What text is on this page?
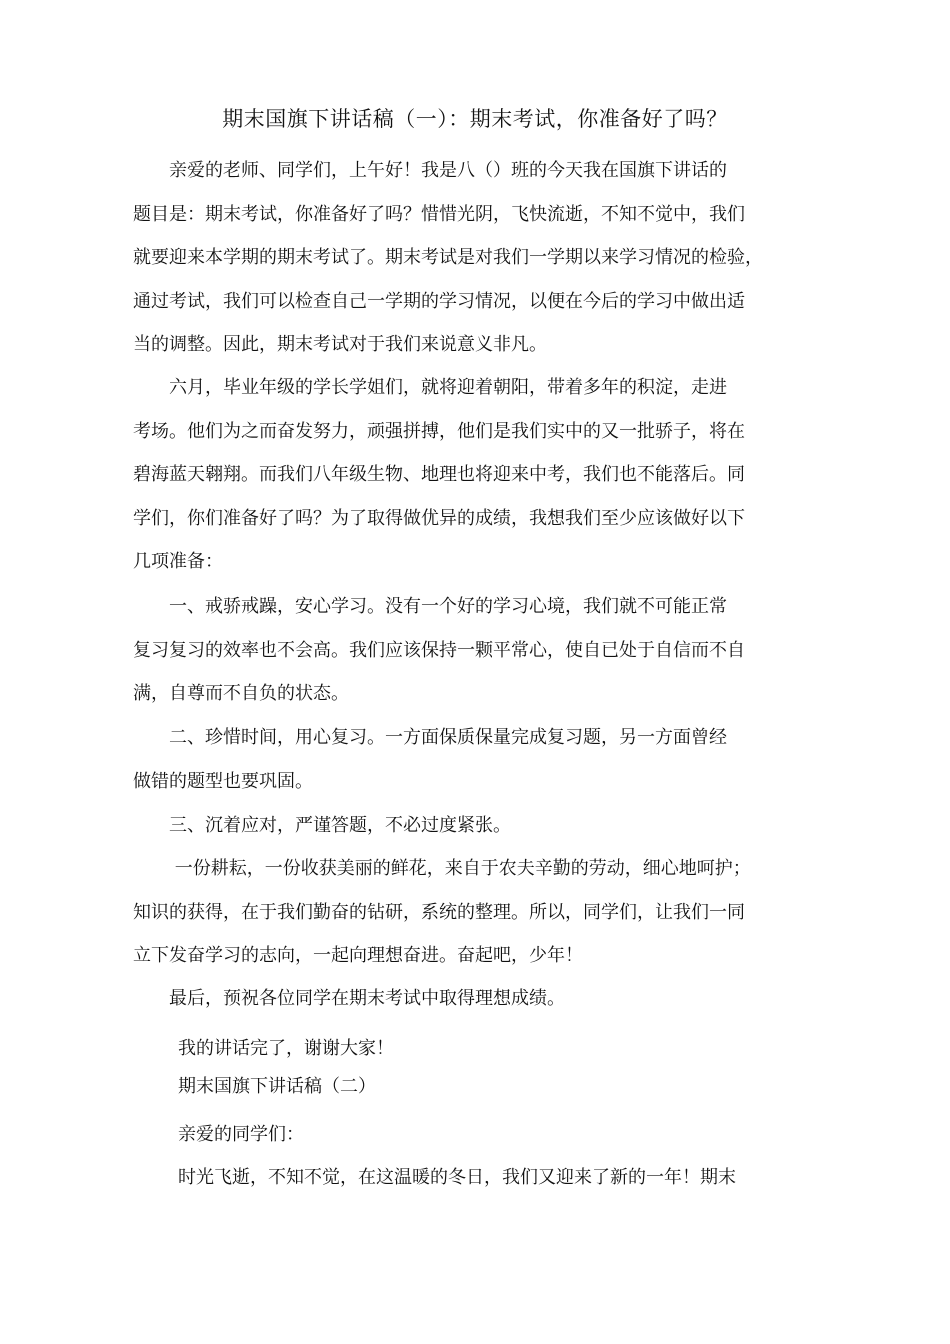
期末国旗下讲话稿（一）：期末考试，你准备好了吗？
　　亲爱的老师、同学们，上午好！我是八（）班的今天我在国旗下讲话的
题目是：期末考试，你准备好了吗？惜惜光阴，飞快流逝，不知不觉中，我们
就要迎来本学期的期末考试了。期末考试是对我们一学期以来学习情况的检验，
通过考试，我们可以检查自己一学期的学习情况，以便在今后的学习中做出适
当的调整。因此，期末考试对于我们来说意义非凡。
　　六月，毕业年级的学长学姐们，就将迎着朝阳，带着多年的积淀，走进
考场。他们为之而奋发努力，顽强拼搏，他们是我们实中的又一批骄子，将在
碧海蓝天翱翔。而我们八年级生物、地理也将迎来中考，我们也不能落后。同
学们，你们准备好了吗？为了取得做优异的成绩，我想我们至少应该做好以下
几项准备：
　　一、戒骄戒躁，安心学习。没有一个好的学习心境，我们就不可能正常
复习复习的效率也不会高。我们应该保持一颗平常心，使自已处于自信而不自
满，自尊而不自负的状态。
　　二、珍惜时间，用心复习。一方面保质保量完成复习题，另一方面曾经
做错的题型也要巩固。
　　三、沉着应对，严谨答题，不必过度紧张。
　　 一份耕耘，一份收获美丽的鲜花，来自于农夫辛勤的劳动，细心地呵护；
知识的获得，在于我们勤奋的钻研，系统的整理。所以，同学们，让我们一同
立下发奋学习的志向，一起向理想奋进。奋起吧，少年！
　　最后，预祝各位同学在期末考试中取得理想成绩。
我的讲话完了，谢谢大家！
期末国旗下讲话稿（二）
亲爱的同学们：
时光飞逝，不知不觉，在这温暖的冬日，我们又迎来了新的一年！期末
